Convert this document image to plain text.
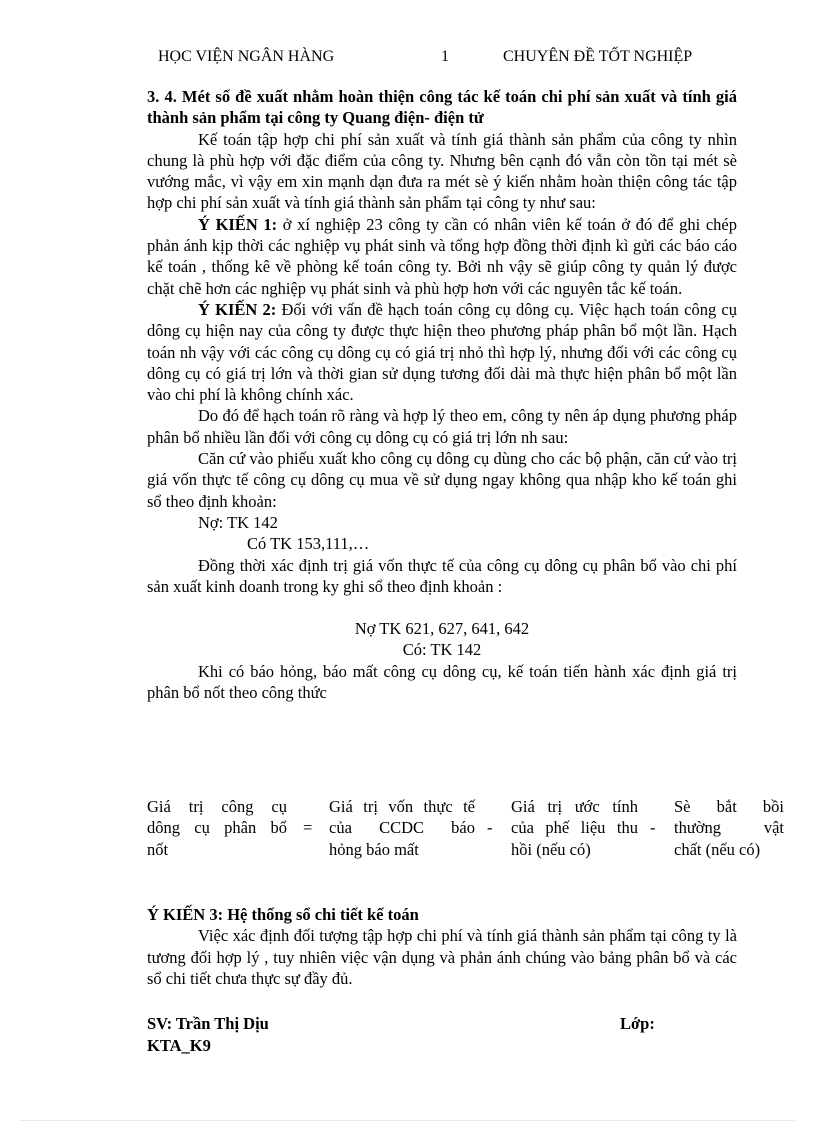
HỌC VIỆN NGÂN HÀNG	1	CHUYÊN ĐỀ TỐT NGHIỆP

3. 4. Mét số đề xuất nhằm hoàn thiện công tác kế toán chi phí sản xuất và tính giá thành sản phẩm tại công ty Quang điện- điện tử

Kế toán tập hợp chi phí sản xuất và tính giá thành sản phẩm của công ty nhìn chung là phù hợp với đặc điểm của công ty. Nhưng bên cạnh đó vẫn còn tồn tại mét sè vướng mắc, vì vậy em xin mạnh dạn đưa ra mét sè ý kiến nhằm hoàn thiện công tác tập hợp chi phí sản xuất và tính giá thành sản phẩm tại công ty như sau:

Ý KIẾN 1: ở xí nghiệp 23 công ty cần có nhân viên kế toán ở đó để ghi chép phản ánh kịp thời các nghiệp vụ phát sinh và tổng hợp đồng thời định kì gửi các báo cáo kế toán , thống kê về phòng kế toán công ty. Bởi nh vậy sẽ giúp công ty quản lý được chặt chẽ hơn các nghiệp vụ phát sinh và phù hợp hơn với các nguyên tắc kế toán.

Ý KIẾN 2: Đối với vấn đề hạch toán công cụ dông cụ. Việc hạch toán công cụ dông cụ hiện nay của công ty được thực hiện theo phương pháp phân bổ một lần. Hạch toán nh vậy với các công cụ dông cụ có giá trị nhỏ thì hợp lý, nhưng đối với các công cụ dông cụ có giá trị lớn và thời gian sử dụng tương đối dài mà thực hiện phân bổ một lần vào chi phí là không chính xác.

Do đó để hạch toán rõ ràng và hợp lý theo em, công ty nên áp dụng phương pháp phân bổ nhiều lần đối với công cụ dông cụ có giá trị lớn nh sau:

Căn cứ vào phiếu xuất kho công cụ dông cụ dùng cho các bộ phận, căn cứ vào trị giá vốn thực tế công cụ dông cụ mua về sử dụng ngay không qua nhập kho kế toán ghi sổ theo định khoản:

Nợ: TK 142

Có TK 153,111,…

Đồng thời xác định trị giá vốn thực tế của công cụ dông cụ phân bổ vào chi phí sản xuất kinh doanh trong ky ghi sổ theo định khoản :

Nợ TK 621, 627, 641, 642

Có: TK 142

Khi có báo hỏng, báo mất công cụ dông cụ, kế toán tiến hành xác định giá trị phân bổ nốt theo công thức

Giá trị công cụ

dông cụ phân bổ

nốt

=

Giá trị vốn thực tế

của CCDC báo

hỏng báo mất

-

Giá trị ước tính

của phế liệu thu

hồi (nếu có)

-

Sè bắt bồi

thường vật

chất (nếu có)

Ý KIẾN 3: Hệ thống sổ chi tiết kế toán

Việc xác định đối tượng tập hợp chi phí và tính giá thành sản phẩm tại công ty là tương đối hợp lý , tuy nhiên việc vận dụng và phản ánh chúng vào bảng phân bổ và các sổ chi tiết chưa thực sự đầy đủ.

SV: Trần Thị Dịu	Lớp:
KTA_K9
